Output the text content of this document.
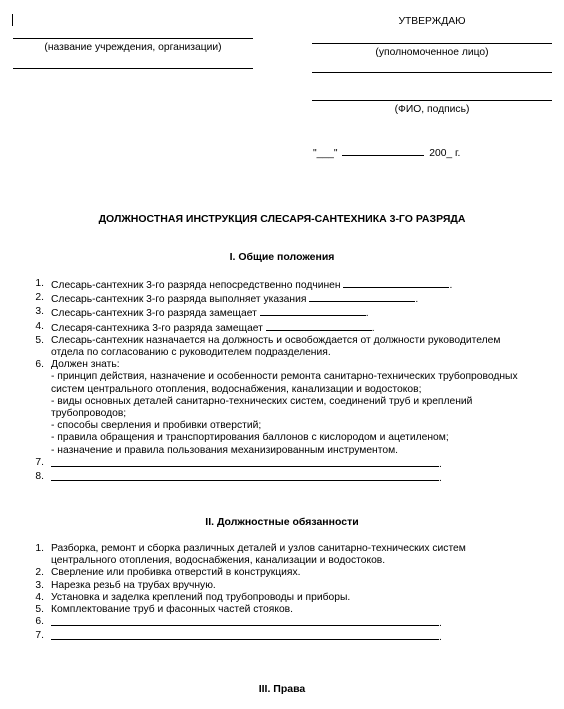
(название учреждения, организации)
УТВЕРЖДАЮ
(уполномоченное лицо)
(ФИО, подпись)
"___"	200_ г.
ДОЛЖНОСТНАЯ ИНСТРУКЦИЯ СЛЕСАРЯ-САНТЕХНИКА 3-ГО РАЗРЯДА
I. Общие положения
1. Слесарь-сантехник 3-го разряда непосредственно подчинен	.
2. Слесарь-сантехник 3-го разряда выполняет указания	.
3. Слесарь-сантехник 3-го разряда замещает	.
4. Слесаря-сантехника 3-го разряда замещает	.
5. Слесарь-сантехник назначается на должность и освобождается от должности руководителем отдела по согласованию с руководителем подразделения.
6. Должен знать:
- принцип действия, назначение и особенности ремонта санитарно-технических трубопроводных систем центрального отопления, водоснабжения, канализации и водостоков;
- виды основных деталей санитарно-технических систем, соединений труб и креплений трубопроводов;
- способы сверления и пробивки отверстий;
- правила обращения и транспортирования баллонов с кислородом и ацетиленом;
- назначение и правила пользования механизированным инструментом.
7.	.
8.	.
II. Должностные обязанности
1. Разборка, ремонт и сборка различных деталей и узлов санитарно-технических систем центрального отопления, водоснабжения, канализации и водостоков.
2. Сверление или пробивка отверстий в конструкциях.
3. Нарезка резьб на трубах вручную.
4. Установка и заделка креплений под трубопроводы и приборы.
5. Комплектование труб и фасонных частей стояков.
6.	.
7.	.
III. Права
